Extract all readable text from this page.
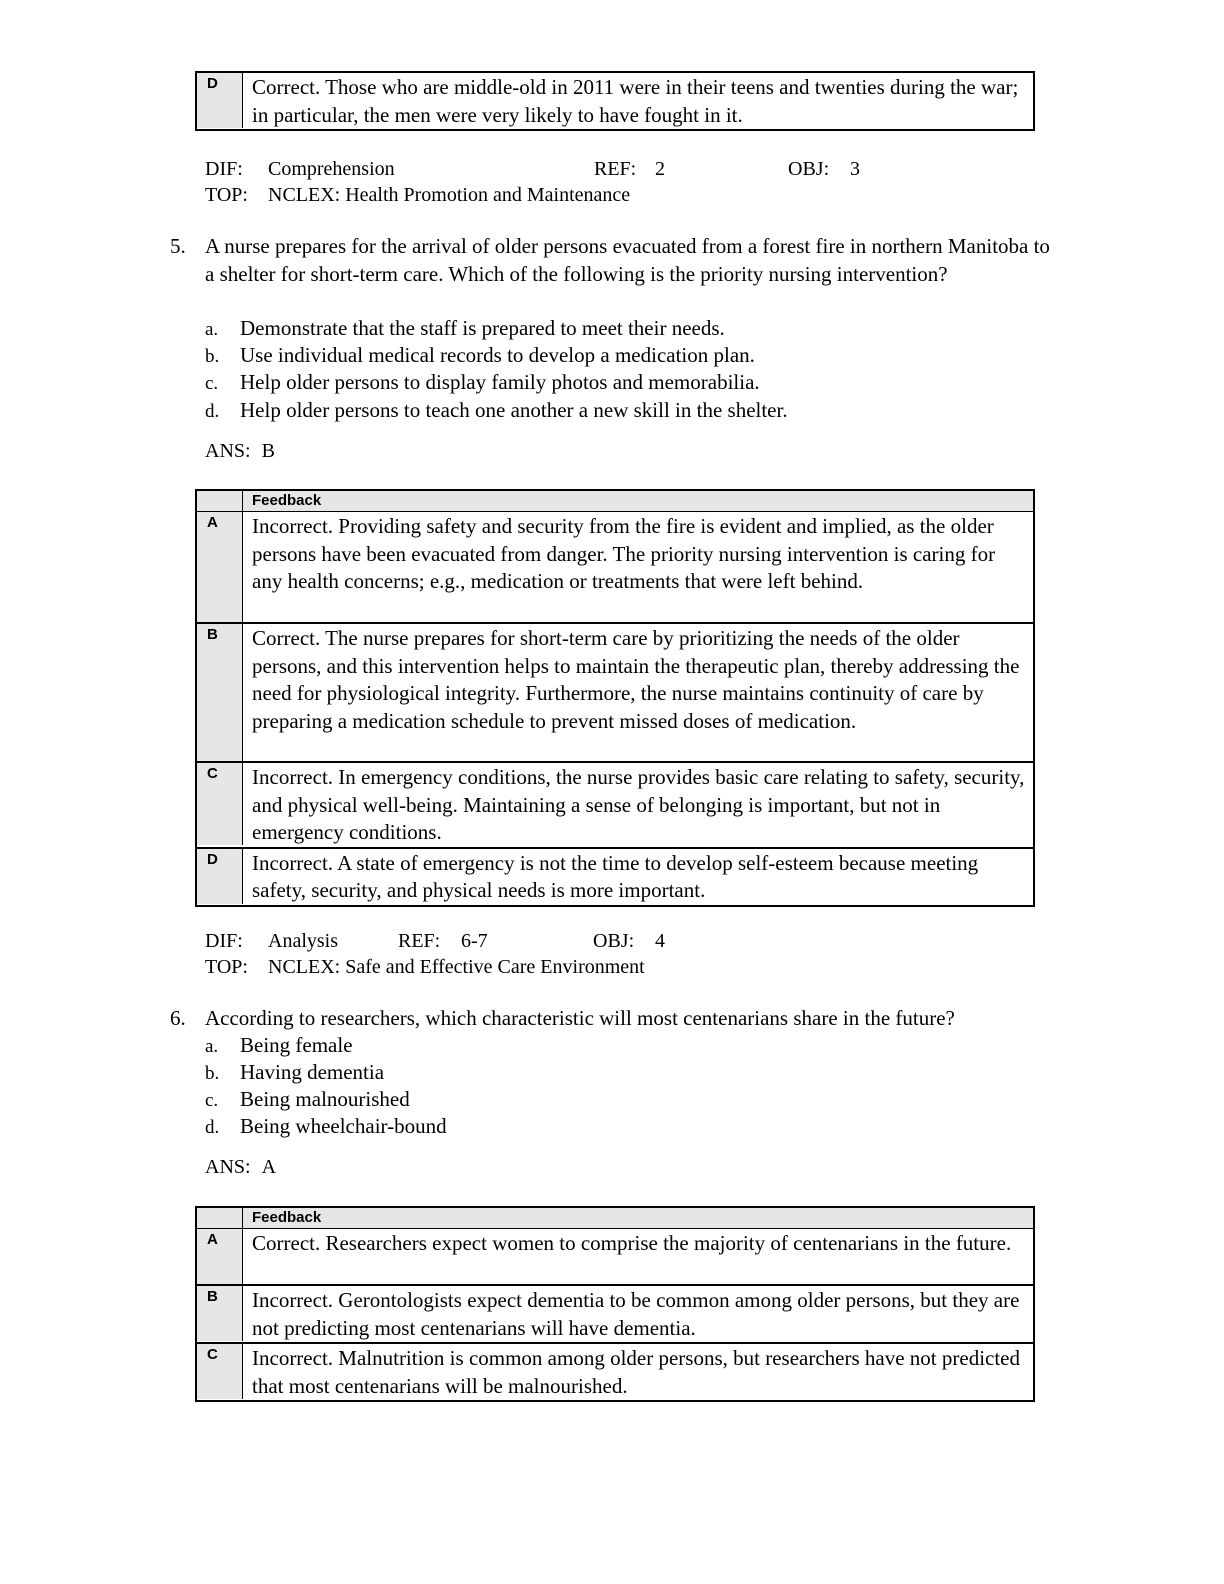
D	Correct. Those who are middle-old in 2011 were in their teens and twenties during the war; in particular, the men were very likely to have fought in it.
DIF: Comprehension	REF: 2	OBJ: 3
TOP: NCLEX: Health Promotion and Maintenance
5. A nurse prepares for the arrival of older persons evacuated from a forest fire in northern Manitoba to a shelter for short-term care. Which of the following is the priority nursing intervention?
a. Demonstrate that the staff is prepared to meet their needs.
b. Use individual medical records to develop a medication plan.
c. Help older persons to display family photos and memorabilia.
d. Help older persons to teach one another a new skill in the shelter.
ANS: B
Feedback
A	Incorrect. Providing safety and security from the fire is evident and implied, as the older persons have been evacuated from danger. The priority nursing intervention is caring for any health concerns; e.g., medication or treatments that were left behind.
B	Correct. The nurse prepares for short-term care by prioritizing the needs of the older persons, and this intervention helps to maintain the therapeutic plan, thereby addressing the need for physiological integrity. Furthermore, the nurse maintains continuity of care by preparing a medication schedule to prevent missed doses of medication.
C	Incorrect. In emergency conditions, the nurse provides basic care relating to safety, security, and physical well-being. Maintaining a sense of belonging is important, but not in emergency conditions.
D	Incorrect. A state of emergency is not the time to develop self-esteem because meeting safety, security, and physical needs is more important.
DIF: Analysis	REF: 6-7	OBJ: 4
TOP: NCLEX: Safe and Effective Care Environment
6. According to researchers, which characteristic will most centenarians share in the future?
a. Being female
b. Having dementia
c. Being malnourished
d. Being wheelchair-bound
ANS: A
Feedback
A	Correct. Researchers expect women to comprise the majority of centenarians in the future.
B	Incorrect. Gerontologists expect dementia to be common among older persons, but they are not predicting most centenarians will have dementia.
C	Incorrect. Malnutrition is common among older persons, but researchers have not predicted that most centenarians will be malnourished.
